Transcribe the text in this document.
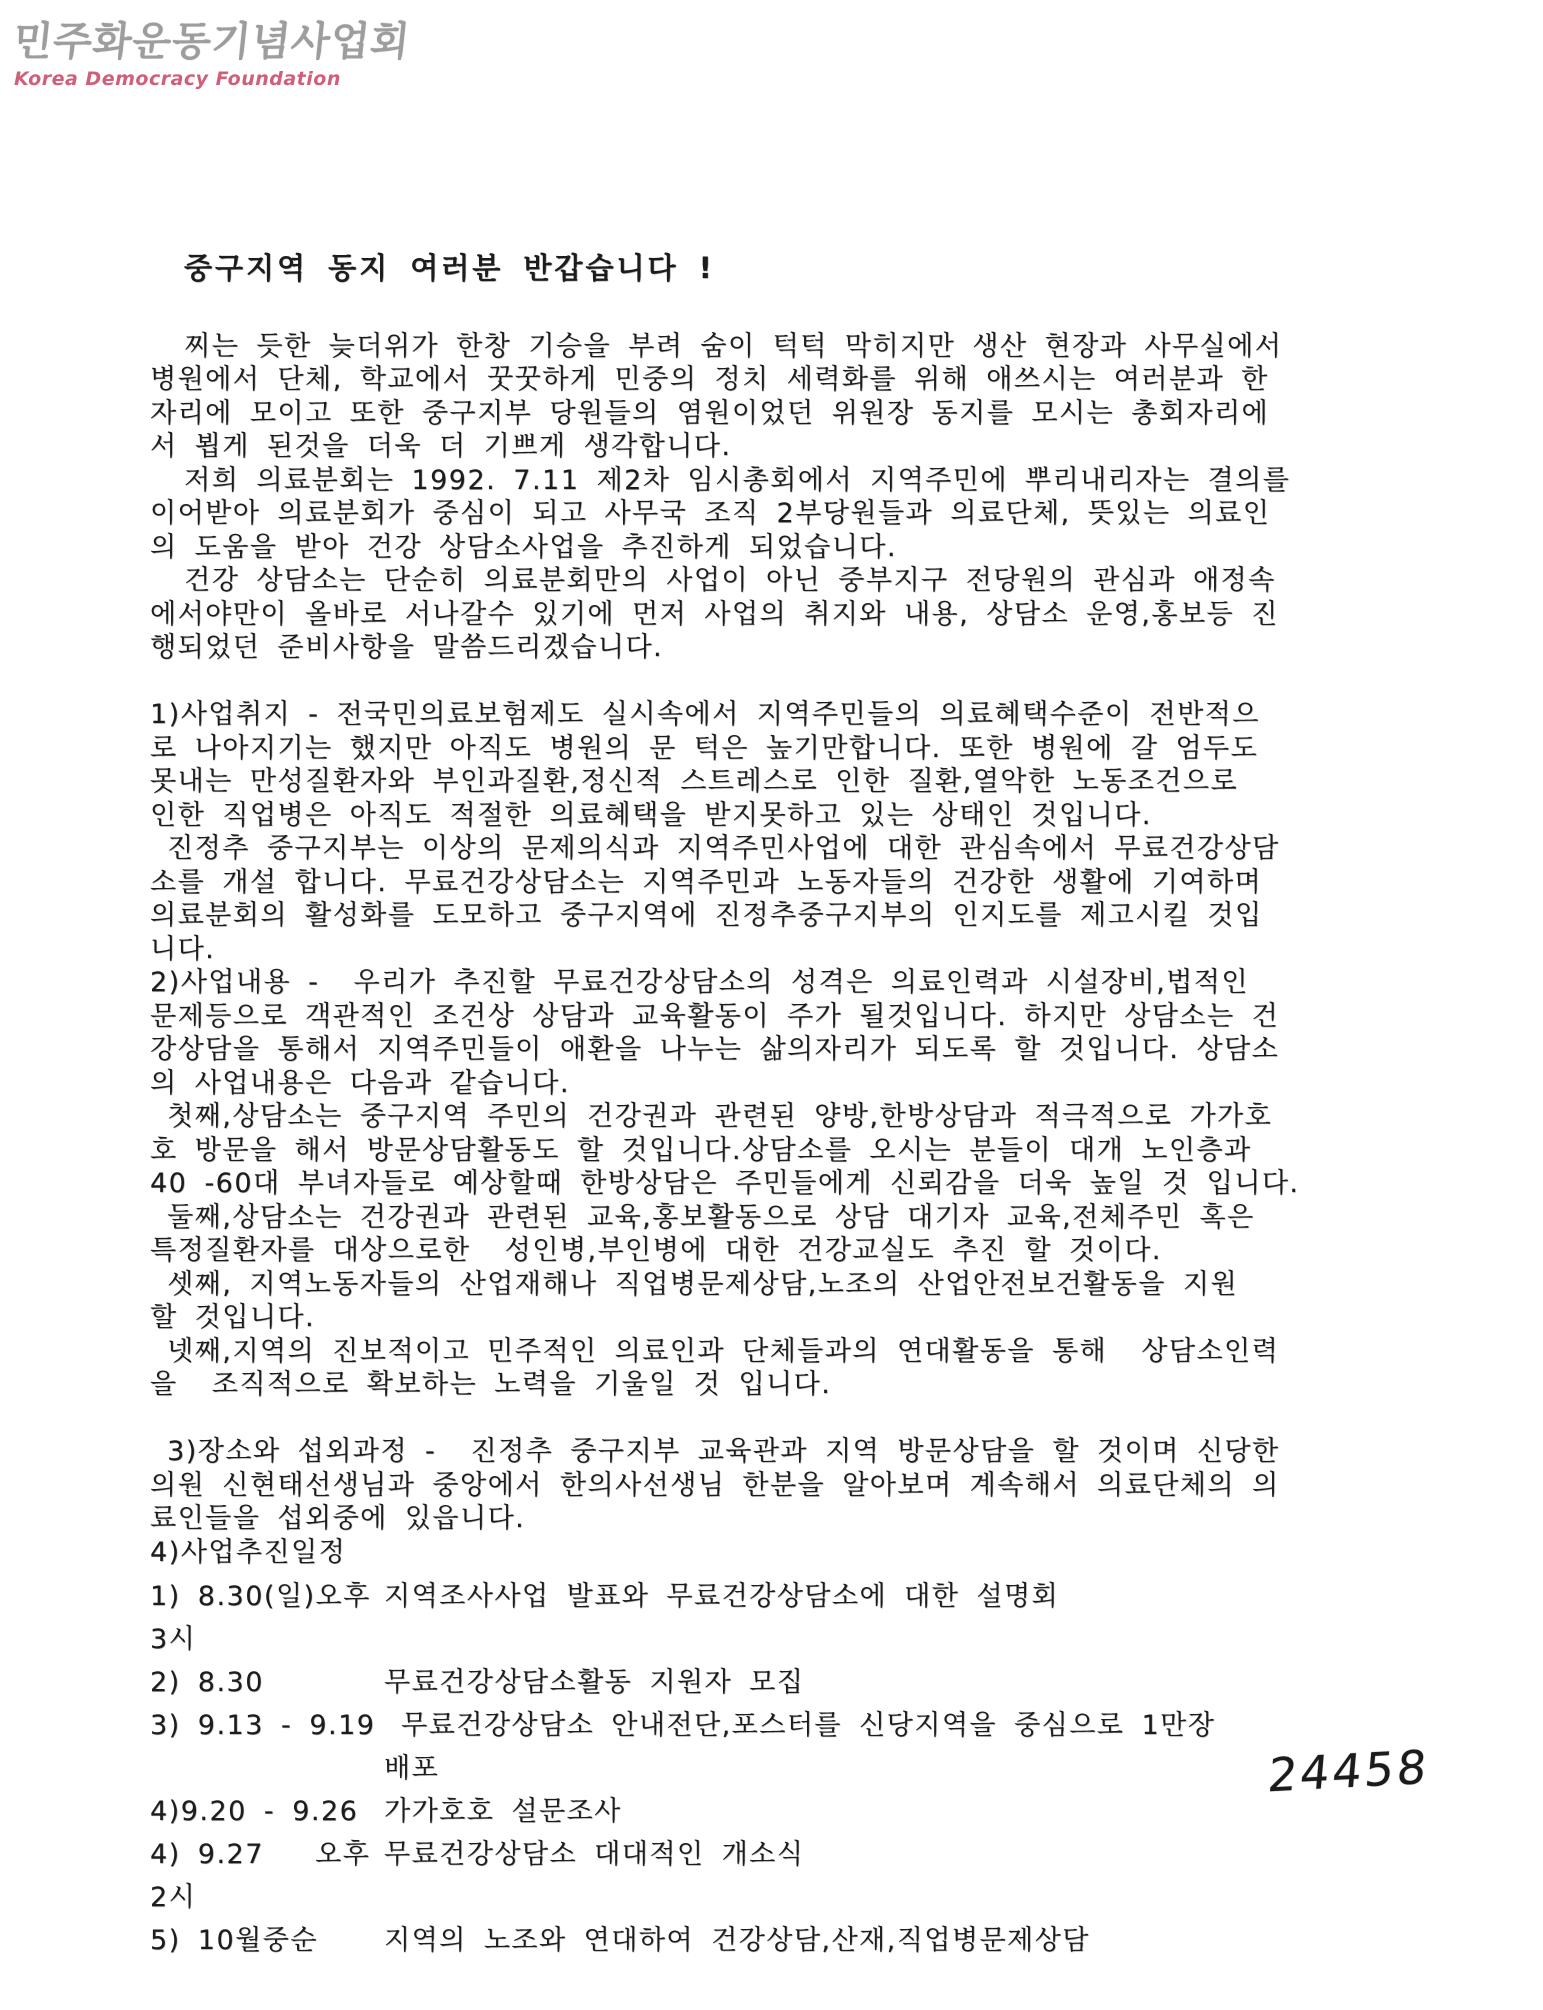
민주화운동기념사업회
Korea Democracy Foundation
중구지역 동지 여러분 반갑습니다 !
찌는 듯한 늦더위가 한창 기승을 부려 숨이 턱턱 막히지만 생산 현장과 사무실에서
병원에서 단체, 학교에서 꿋꿋하게 민중의 정치 세력화를 위해 애쓰시는 여러분과 한
자리에 모이고 또한 중구지부 당원들의 염원이었던 위원장 동지를 모시는 총회자리에
서 뵙게 된것을 더욱 더 기쁘게 생각합니다.
저희 의료분회는 1992. 7.11 제2차 임시총회에서 지역주민에 뿌리내리자는 결의를
이어받아 의료분회가 중심이 되고 사무국 조직 2부당원들과 의료단체, 뜻있는 의료인
의 도움을 받아 건강 상담소사업을 추진하게 되었습니다.
건강 상담소는 단순히 의료분회만의 사업이 아닌 중부지구 전당원의 관심과 애정속
에서야만이 올바로 서나갈수 있기에 먼저 사업의 취지와 내용, 상담소 운영,홍보등 진
행되었던 준비사항을 말씀드리겠습니다.
1)사업취지 - 전국민의료보험제도 실시속에서 지역주민들의 의료혜택수준이 전반적으
로 나아지기는 했지만 아직도 병원의 문 턱은 높기만합니다. 또한 병원에 갈 엄두도
못내는 만성질환자와 부인과질환,정신적 스트레스로 인한 질환,열악한 노동조건으로
인한 직업병은 아직도 적절한 의료혜택을 받지못하고 있는 상태인 것입니다.
진정추 중구지부는 이상의 문제의식과 지역주민사업에 대한 관심속에서 무료건강상담
소를 개설 합니다. 무료건강상담소는 지역주민과 노동자들의 건강한 생활에 기여하며
의료분회의 활성화를 도모하고 중구지역에 진정추중구지부의 인지도를 제고시킬 것입
니다.
2)사업내용 -  우리가 추진할 무료건강상담소의 성격은 의료인력과 시설장비,법적인
문제등으로 객관적인 조건상 상담과 교육활동이 주가 될것입니다. 하지만 상담소는 건
강상담을 통해서 지역주민들이 애환을 나누는 삶의자리가 되도록 할 것입니다. 상담소
의 사업내용은 다음과 같습니다.
첫째,상담소는 중구지역 주민의 건강권과 관련된 양방,한방상담과 적극적으로 가가호
호 방문을 해서 방문상담활동도 할 것입니다.상담소를 오시는 분들이 대개 노인층과
40 -60대 부녀자들로 예상할때 한방상담은 주민들에게 신뢰감을 더욱 높일 것 입니다.
둘째,상담소는 건강권과 관련된 교육,홍보활동으로 상담 대기자 교육,전체주민 혹은
특정질환자를 대상으로한  성인병,부인병에 대한 건강교실도 추진 할 것이다.
셋째, 지역노동자들의 산업재해나 직업병문제상담,노조의 산업안전보건활동을 지원
할 것입니다.
넷째,지역의 진보적이고 민주적인 의료인과 단체들과의 연대활동을 통해  상담소인력
을  조직적으로 확보하는 노력을 기울일 것 입니다.
3)장소와 섭외과정 -  진정추 중구지부 교육관과 지역 방문상담을 할 것이며 신당한
의원 신현태선생님과 중앙에서 한의사선생님 한분을 알아보며 계속해서 의료단체의 의
료인들을 섭외중에 있읍니다.
4)사업추진일정
1) 8.30(일)오후3시
지역조사사업 발표와 무료건강상담소에 대한 설명회
2) 8.30	무료건강상담소활동 지원자 모집
3) 9.13 - 9.19 무료건강상담소 안내전단,포스터를 신당지역을 중심으로 1만장
배포
4)9.20 - 9.26 가가호호 설문조사
4) 9.27   오후2시
무료건강상담소 대대적인 개소식
5) 10월중순	지역의 노조와 연대하여 건강상담,산재,직업병문제상담
24458
